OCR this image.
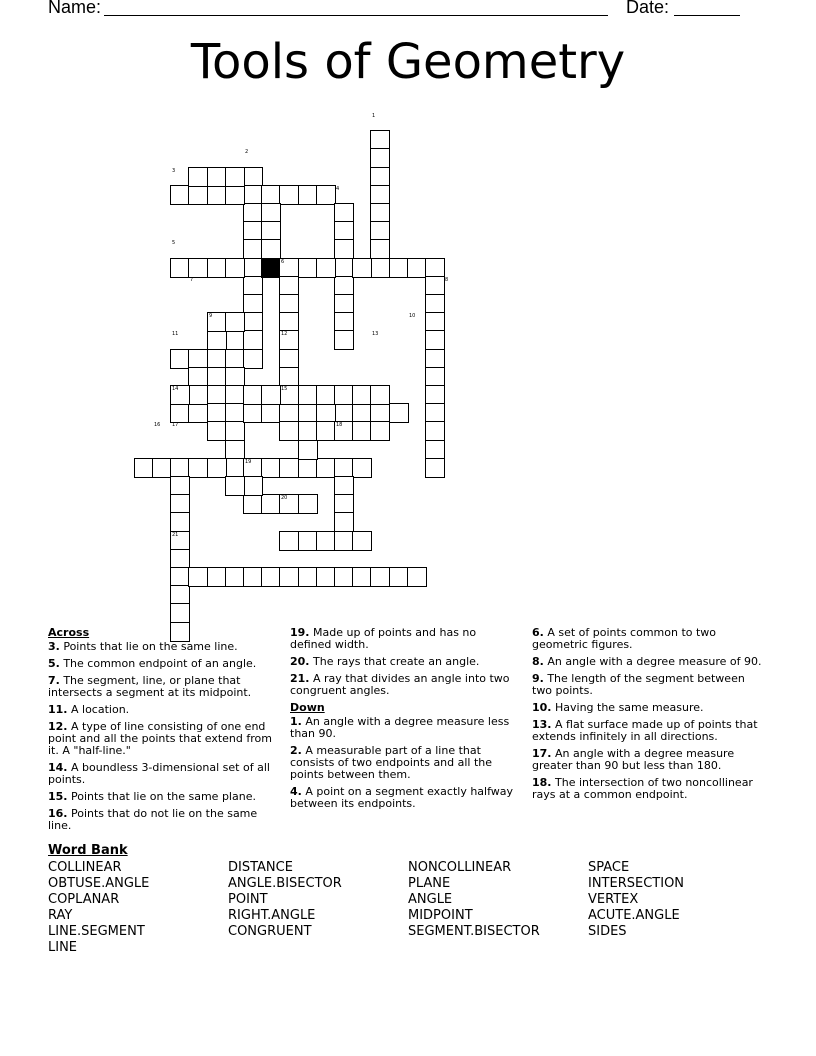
Name:	Date:
Tools of Geometry
1
2
3
4
5
6
7	8
9	10
11	12	13
14	15
16 17	18
19
20
21
Across
3. Points that lie on the same line.
5. The common endpoint of an angle.
7. The segment, line, or plane that intersects a segment at its midpoint.
11. A location.
12. A type of line consisting of one end point and all the points that extend from it. A "half-line."
14. A boundless 3-dimensional set of all points.
15. Points that lie on the same plane.
16. Points that do not lie on the same line.
19. Made up of points and has no defined width.
20. The rays that create an angle.
21. A ray that divides an angle into two congruent angles.
Down
1. An angle with a degree measure less than 90.
2. A measurable part of a line that consists of two endpoints and all the points between them.
4. A point on a segment exactly halfway between its endpoints.
6. A set of points common to two geometric figures.
8. An angle with a degree measure of 90.
9. The length of the segment between two points.
10. Having the same measure.
13. A flat surface made up of points that extends infinitely in all directions.
17. An angle with a degree measure greater than 90 but less than 180.
18. The intersection of two noncollinear rays at a common endpoint.
Word Bank
COLLINEAR
OBTUSE.ANGLE
COPLANAR
RAY
LINE.SEGMENT
LINE
DISTANCE
ANGLE.BISECTOR
POINT
RIGHT.ANGLE
CONGRUENT
NONCOLLINEAR
PLANE
ANGLE
MIDPOINT
SEGMENT.BISECTOR
SPACE
INTERSECTION
VERTEX
ACUTE.ANGLE
SIDES
